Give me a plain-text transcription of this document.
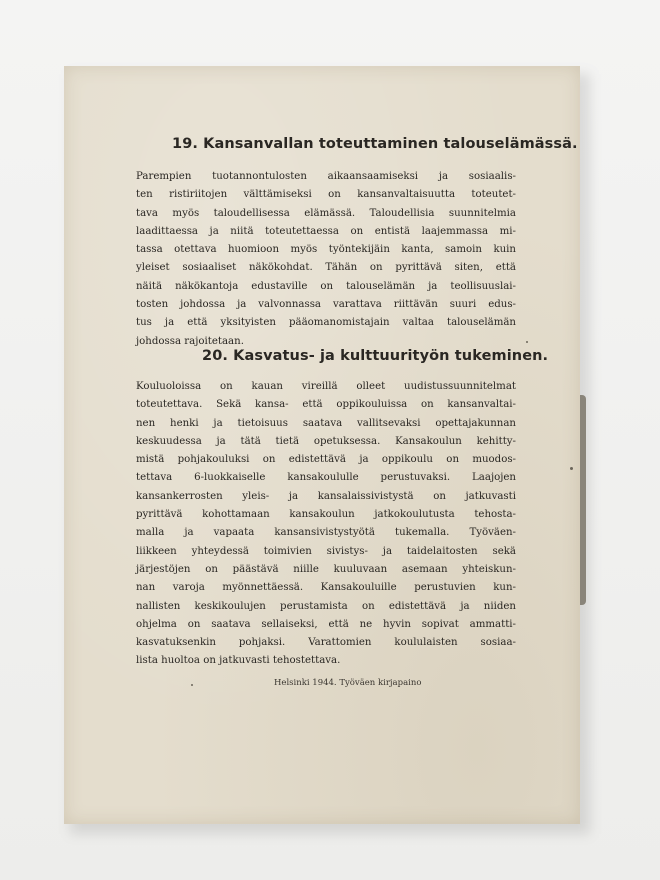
19. Kansanvallan toteuttaminen talouselämässä.
Parempien tuotannontulosten aikaansaamiseksi ja sosiaalis-
ten ristiriitojen välttämiseksi on kansanvaltaisuutta toteutet-
tava myös taloudellisessa elämässä. Taloudellisia suunnitelmia
laadittaessa ja niitä toteutettaessa on entistä laajemmassa mi-
tassa otettava huomioon myös työntekijäin kanta, samoin kuin
yleiset sosiaaliset näkökohdat. Tähän on pyrittävä siten, että
näitä näkökantoja edustaville on talouselämän ja teollisuuslai-
tosten johdossa ja valvonnassa varattava riittävän suuri edus-
tus ja että yksityisten pääomanomistajain valtaa talouselämän
johdossa rajoitetaan.
20. Kasvatus- ja kulttuurityön tukeminen.
Kouluoloissa on kauan vireillä olleet uudistussuunnitelmat
toteutettava. Sekä kansa- että oppikouluissa on kansanvaltai-
nen henki ja tietoisuus saatava vallitsevaksi opettajakunnan
keskuudessa ja tätä tietä opetuksessa. Kansakoulun kehitty-
mistä pohjakouluksi on edistettävä ja oppikoulu on muodos-
tettava 6-luokkaiselle kansakoululle perustuvaksi. Laajojen
kansankerrosten yleis- ja kansalaissivistystä on jatkuvasti
pyrittävä kohottamaan kansakoulun jatkokoulutusta tehosta-
malla ja vapaata kansansivistystyötä tukemalla. Työväen-
liikkeen yhteydessä toimivien sivistys- ja taidelaitosten sekä
järjestöjen on päästävä niille kuuluvaan asemaan yhteiskun-
nan varoja myönnettäessä. Kansakouluille perustuvien kun-
nallisten keskikoulujen perustamista on edistettävä ja niiden
ohjelma on saatava sellaiseksi, että ne hyvin sopivat ammatti-
kasvatuksenkin pohjaksi. Varattomien koululaisten sosiaa-
lista huoltoa on jatkuvasti tehostettava.
Helsinki 1944. Työväen kirjapaino
